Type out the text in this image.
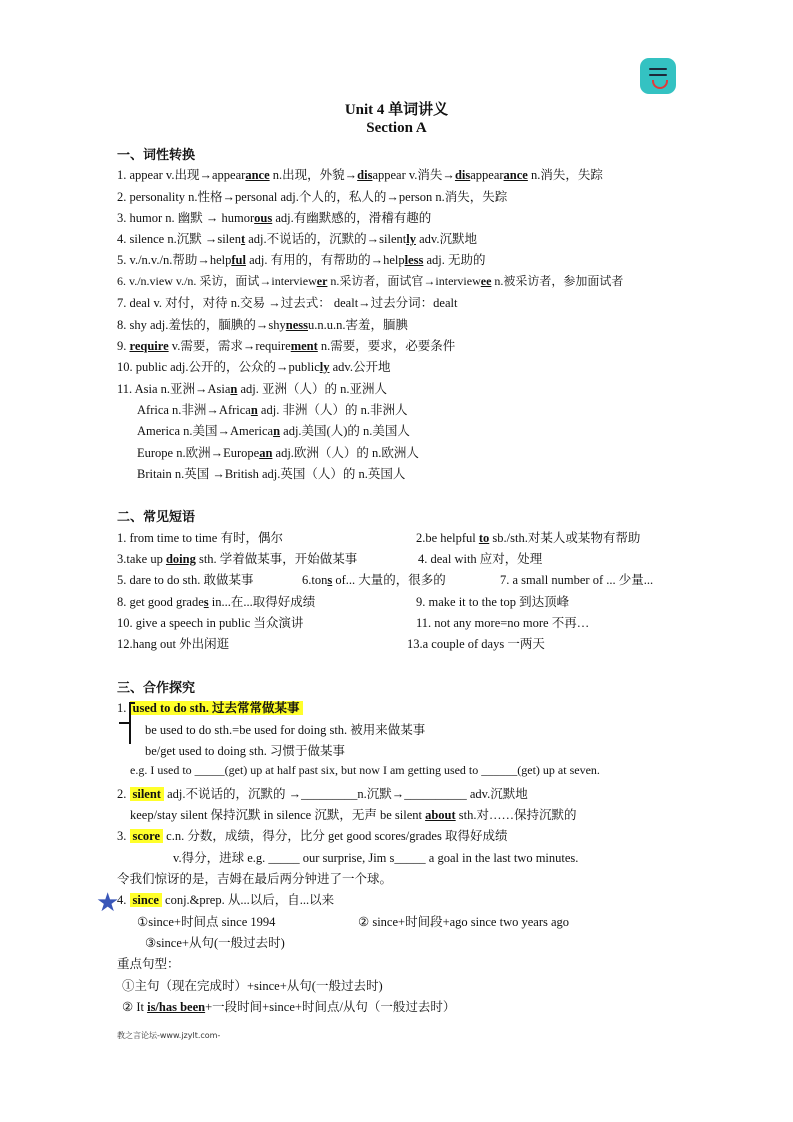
Unit 4 单词讲义
Section A
一、词性转换
1. appear v.出现→appearance n.出现，外貌→disappear v.消失→disappearance n.消失，失踪
2. personality n.性格→personal adj.个人的，私人的→person n.消失，失踪
3. humor n. 幽默 → humorous adj.有幽默感的，滑稽有趣的
4. silence n.沉默 →silent adj.不说话的，沉默的→silently adv.沉默地
5. v./n.v./n.帮助→helpful adj. 有用的，有帮助的→helpless adj. 无助的
6. v./n.view v./n. 采访，面试→interviewer n.采访者，面试官→interviewee n.被采访者，参加面试者
7. deal v. 对付，对待 n.交易 →过去式： dealt→过去分词：dealt
8. shy adj.羞怯的，腼腆的→shynessu.n.u.n.害羞，腼腆
9. require v.需要，需求→requirement n.需要，要求，必要条件
10. public adj.公开的，公众的→publicly adv.公开地
11. Asia n.亚洲→Asian adj. 亚洲（人）的 n.亚洲人
Africa n.非洲→African adj. 非洲（人）的 n.非洲人
America n.美国→American adj.美国(人)的 n.美国人
Europe n.欧洲→European adj.欧洲（人）的 n.欧洲人
Britain n.英国 →British adj.英国（人）的 n.英国人
二、常见短语
1. from time to time 有时，偶尔
3.take up doing sth. 学着做某事，开始做某事
5. dare to do sth. 敢做某事
8. get good grades in...在...取得好成绩
10. give a speech in public 当众演讲
12.hang out 外出闲逛
6.tons of... 大量的，很多的
2.be helpful to sb./sth.对某人或某物有帮助
4. deal with 应对，处理
7. a small number of ... 少量...
9. make it to the top 到达顶峰
11. not any more=no more 不再…
13.a couple of days 一两天
三、合作探究
1. used to do sth. 过去常常做某事
be used to do sth.=be used for doing sth. 被用来做某事
be/get used to doing sth. 习惯于做某事
e.g. I used to _____(get) up at half past six, but now I am getting used to ______(get) up at seven.
2. silent adj.不说话的，沉默的 →_________n.沉默→__________ adv.沉默地
keep/stay silent 保持沉默 in silence 沉默，无声 be silent about sth.对……保持沉默的
3. score c.n. 分数，成绩，得分，比分 get good scores/grades 取得好成绩
v.得分，进球 e.g. _____ our surprise, Jim s_____ a goal in the last two minutes.
令我们惊讶的是，吉姆在最后两分钟进了一个球。
★
4. since conj.&prep. 从...以后，自...以来
①since+时间点 since 1994	② since+时间段+ago since two years ago
③since+从句(一般过去时)
重点句型：
①主句（现在完成时）+since+从句(一般过去时)
② It is/has been+一段时间+since+时间点/从句（一般过去时）
教之言论坛-www.jzylt.com-
